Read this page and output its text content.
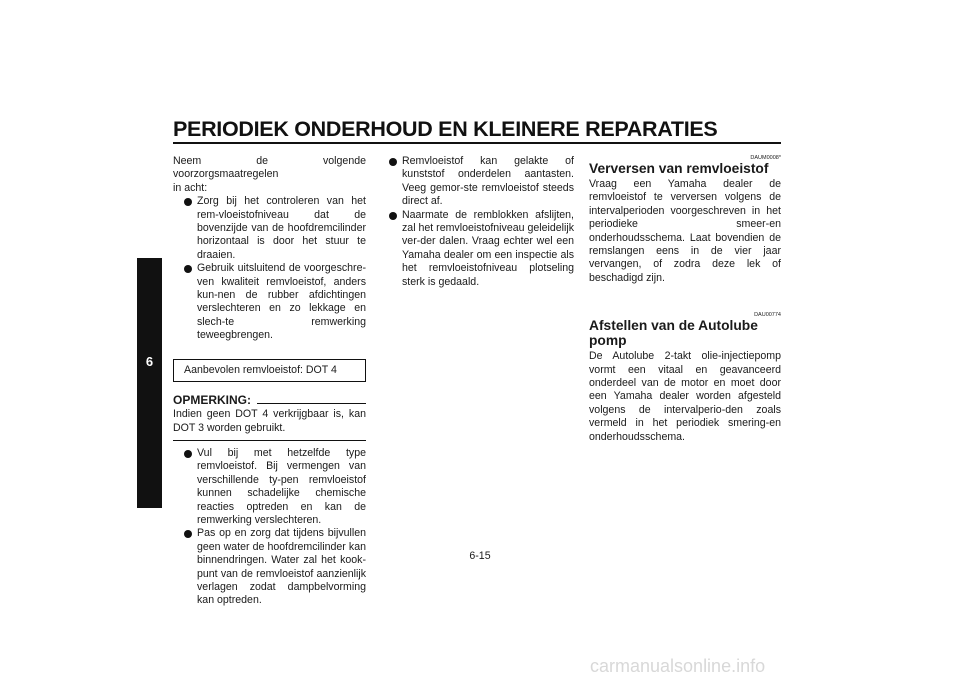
PERIODIEK ONDERHOUD EN KLEINERE REPARATIES
6

Neem de volgende voorzorgsmaatregelen
in acht:

Zorg bij het controleren van het rem-vloeistofniveau dat de bovenzijde van de hoofdremcilinder horizontaal is door het stuur te draaien.

Gebruik uitsluitend de voorgeschre-ven kwaliteit remvloeistof, anders kun-nen de rubber afdichtingen verslechteren en zo lekkage en slech-te remwerking teweegbrengen.

Aanbevolen remvloeistof: DOT 4
OPMERKING:

Indien geen DOT 4 verkrijgbaar is, kan DOT 3 worden gebruikt.

Vul bij met hetzelfde type remvloeistof. Bij vermengen van verschillende ty-pen remvloeistof kunnen schadelijke chemische reacties optreden en kan de remwerking verslechteren.

Pas op en zorg dat tijdens bijvullen geen water de hoofdremcilinder kan binnendringen. Water zal het kook-punt van de remvloeistof aanzienlijk verlagen zodat dampbelvorming kan optreden.

Remvloeistof kan gelakte of kunststof onderdelen aantasten. Veeg gemor-ste remvloeistof steeds direct af.

Naarmate de remblokken afslijten, zal het remvloeistofniveau geleidelijk ver-der dalen. Vraag echter wel een Yamaha dealer om een inspectie als het remvloeistofniveau plotseling sterk is gedaald.

DAUM0008*
Verversen van remvloeistof

Vraag een Yamaha dealer de remvloeistof te verversen volgens de intervalperioden voorgeschreven in het periodieke smeer-en onderhoudsschema. Laat bovendien de remslangen eens in de vier jaar vervangen, of zodra deze lek of beschadigd zijn.

DAU00774
Afstellen van de Autolube pomp

De Autolube 2-takt olie-injectiepomp vormt een vitaal en geavanceerd onderdeel van de motor en moet door een Yamaha dealer worden afgesteld volgens de intervalperio-den zoals vermeld in het periodiek smering-en onderhoudsschema.

6-15
carmanualsonline.info
